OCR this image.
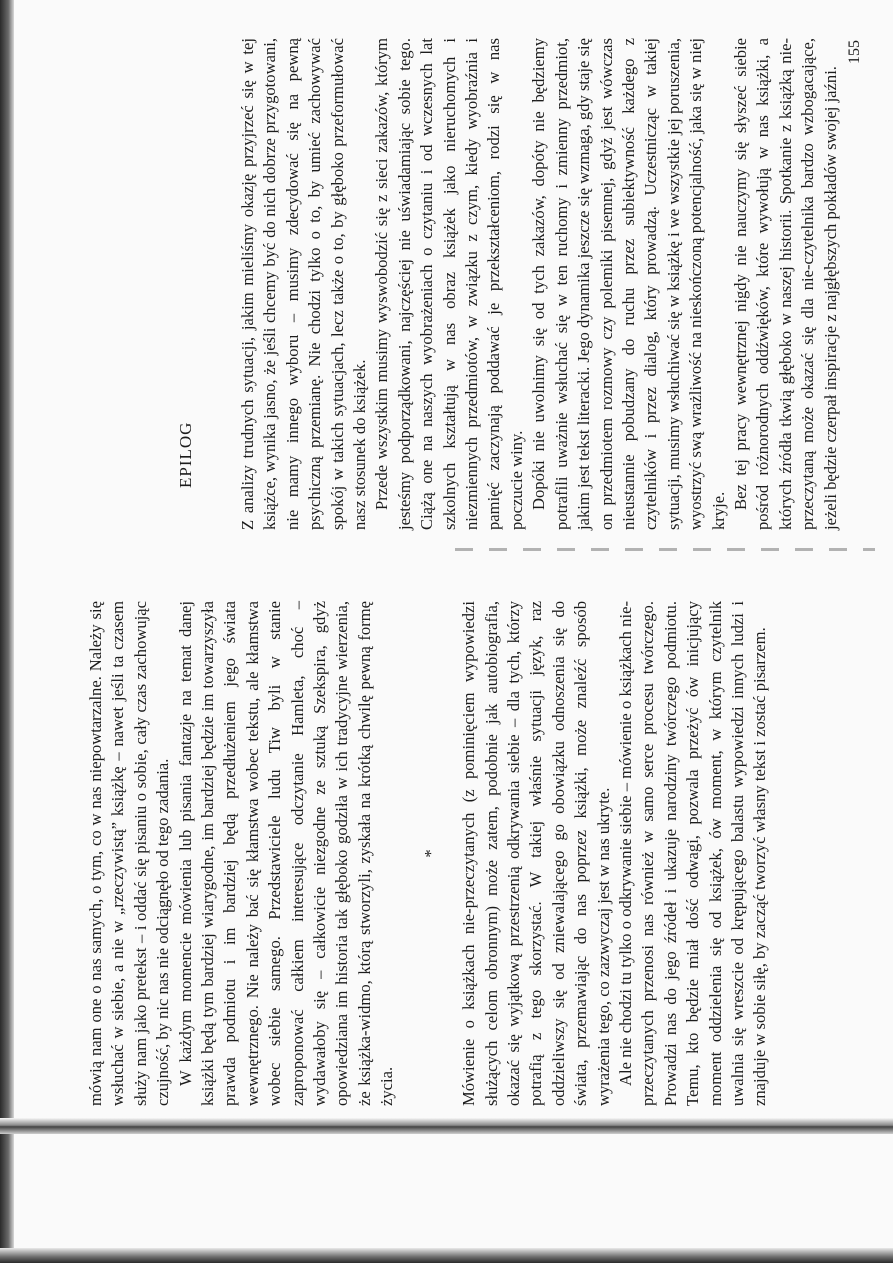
mówią nam one o nas samych, o tym, co w nas niepowtarzalne. Należy się wsłuchać w siebie, a nie w „rzeczywistą” książkę – nawet jeśli ta czasem służy nam jako pretekst – i oddać się pisaniu o sobie, cały czas zachowując czujność, by nic nas nie odciągnęło od tego zadania. W każdym momencie mówienia lub pisania fantazje na temat danej książki będą tym bardziej wiarygodne, im bardziej będzie im towarzyszyła prawda podmiotu i im bardziej będą przedłużeniem jego świata wewnętrznego. Nie należy bać się kłamstwa wobec tekstu, ale kłamstwa wobec siebie samego. Przedstawiciele ludu Tiw byli w stanie zaproponować całkiem interesujące odczytanie Hamleta, choć – wydawałoby się – całkowicie niezgodne ze sztuką Szekspira, gdyż opowiedziana im historia tak głęboko godziła w ich tradycyjne wierzenia, że książka-widmo, którą stworzyli, zyskała na krótką chwilę pewną formę życia.

* Mówienie o książkach nie-przeczytanych (z pominięciem wypowiedzi służących celom obronnym) może zatem, podobnie jak autobiografia, okazać się wyjątkową przestrzenią odkrywania siebie – dla tych, którzy potrafią z tego skorzystać. W takiej właśnie sytuacji język, raz oddzieliwszy się od zniewalającego go obowiązku odnoszenia się do świata, przemawiając do nas poprzez książki, może znaleźć sposób wyrażenia tego, co zazwyczaj jest w nas ukryte. Ale nie chodzi tu tylko o odkrywanie siebie – mówienie o książkach nie-przeczytanych przenosi nas również w samo serce procesu twórczego. Prowadzi nas do jego źródeł i ukazuje narodziny twórczego podmiotu. Temu, kto będzie miał dość odwagi, pozwala przeżyć ów inicjujący moment oddzielenia się od książek, ów moment, w którym czytelnik uwalnia się wreszcie od krępującego balastu wypowiedzi innych ludzi i znajduje w sobie siłę, by zacząć tworzyć własny tekst i zostać pisarzem.

EPILOG	Z analizy trudnych sytuacji, jakim mieliśmy okazję przyjrzeć się w tej książce, wynika jasno, że jeśli chcemy być do nich dobrze przygotowani, nie mamy innego wyboru – musimy zdecydować się na pewną psychiczną przemianę. Nie chodzi tylko o to, by umieć zachowywać spokój w takich sytuacjach, lecz także o to, by głęboko przeformułować nasz stosunek do książek. Przede wszystkim musimy wyswobodzić się z sieci zakazów, którym jesteśmy podporządkowani, najczęściej nie uświadamiając sobie tego. Ciążą one na naszych wyobrażeniach o czytaniu i od wczesnych lat szkolnych kształtują w nas obraz książek jako nieruchomych i niezmiennych przedmiotów, w związku z czym, kiedy wyobraźnia i pamięć zaczynają poddawać je przekształceniom, rodzi się w nas poczucie winy. Dopóki nie uwolnimy się od tych zakazów, dopóty nie będziemy potrafili uważnie wsłuchać się w ten ruchomy i zmienny przedmiot, jakim jest tekst literacki. Jego dynamika jeszcze się wzmaga, gdy staje się on przedmiotem rozmowy czy polemiki pisemnej, gdyż jest wówczas nieustannie pobudzany do ruchu przez subiektywność każdego z czytelników i przez dialog, który prowadzą. Uczestnicząc w takiej sytuacji, musimy wsłuchiwać się w książkę i we wszystkie jej poruszenia, wyostrzyć swą wrażliwość na nieskończoną potencjalność, jaka się w niej kryje.

Bez tej pracy wewnętrznej nigdy nie nauczymy się słyszeć siebie pośród różnorodnych oddźwięków, które wywołują w nas książki, a których źródła tkwią głęboko w naszej historii. Spotkanie z książką nie-przeczytaną może okazać się dla nie-czytelnika bardzo wzbogacające, jeżeli będzie czerpał inspiracje z najgłębszych pokładów swojej jaźni.

155
